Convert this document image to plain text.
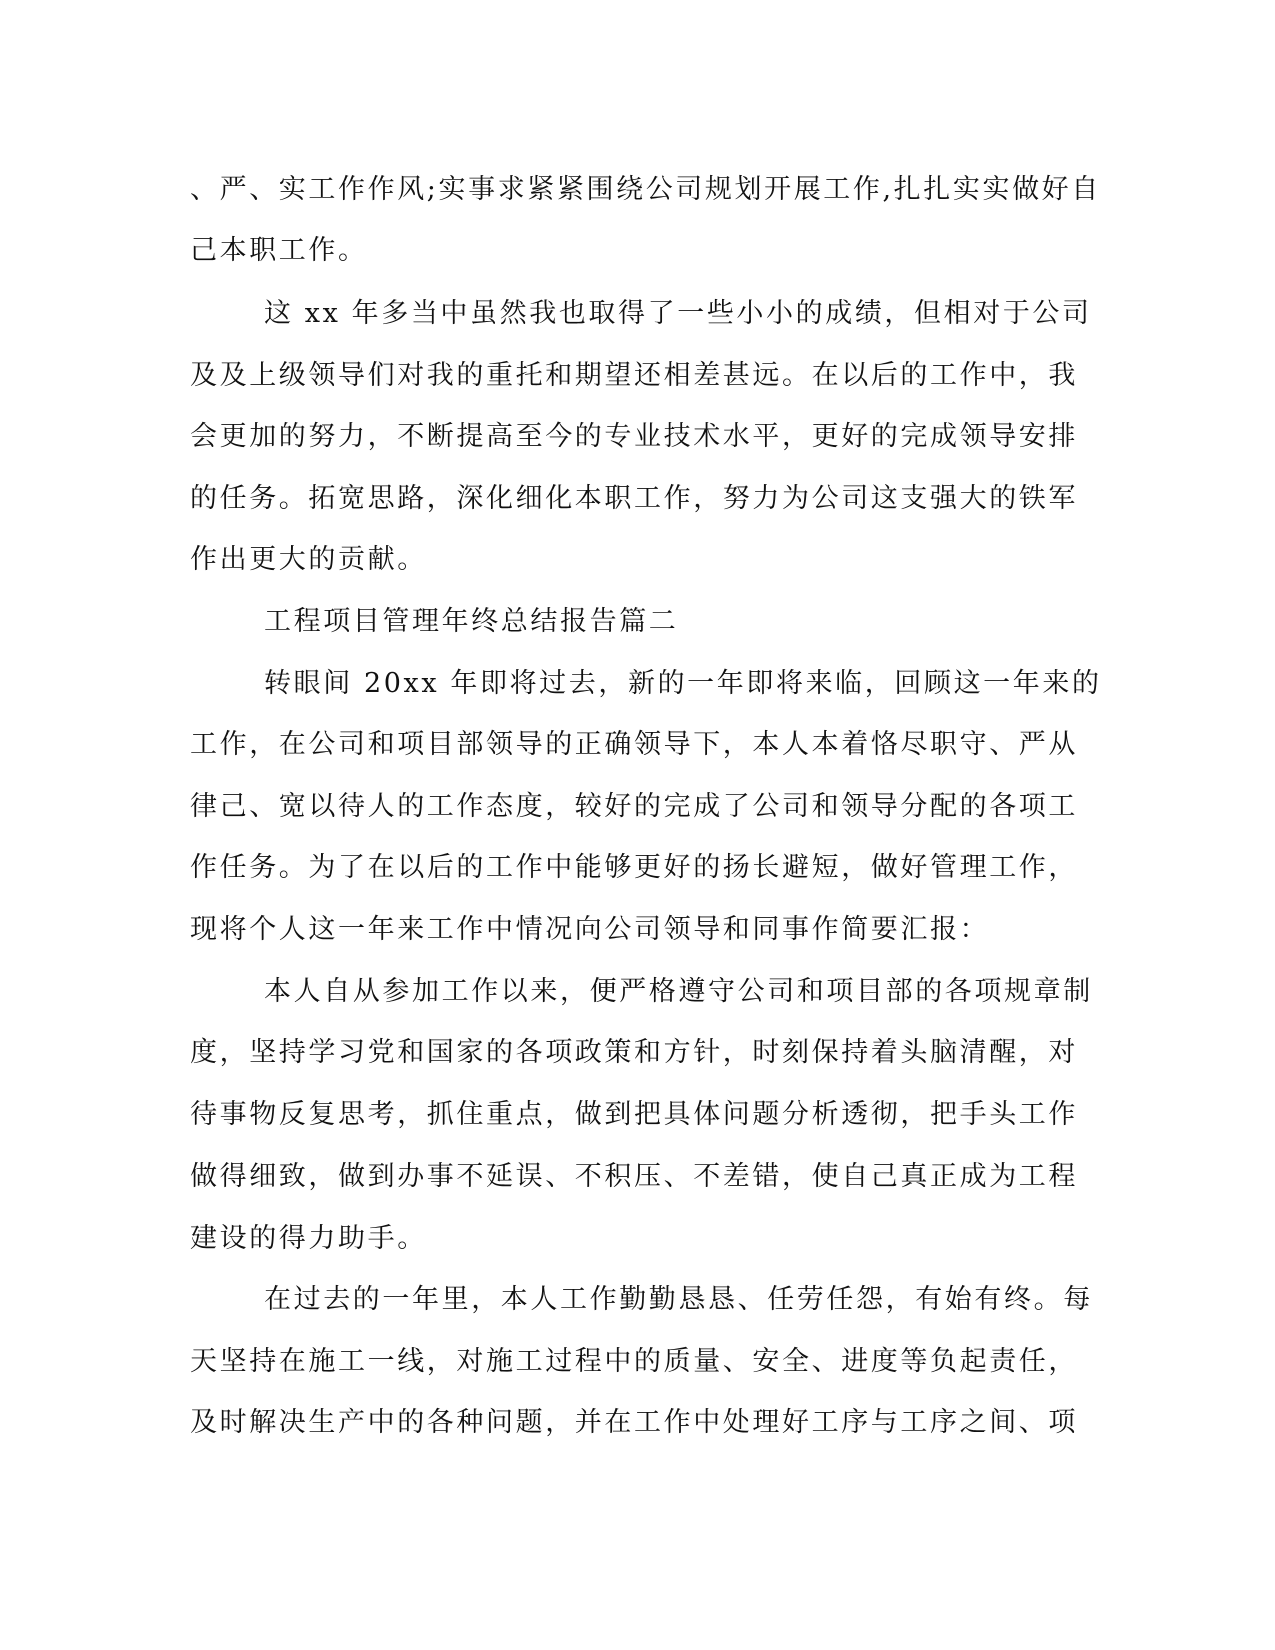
、严、实工作作风;实事求紧紧围绕公司规划开展工作,扎扎实实做好自
己本职工作。
这 xx 年多当中虽然我也取得了一些小小的成绩，但相对于公司
及及上级领导们对我的重托和期望还相差甚远。在以后的工作中，我
会更加的努力，不断提高至今的专业技术水平，更好的完成领导安排
的任务。拓宽思路，深化细化本职工作，努力为公司这支强大的铁军
作出更大的贡献。
工程项目管理年终总结报告篇二
转眼间 20xx 年即将过去，新的一年即将来临，回顾这一年来的
工作，在公司和项目部领导的正确领导下，本人本着恪尽职守、严从
律己、宽以待人的工作态度，较好的完成了公司和领导分配的各项工
作任务。为了在以后的工作中能够更好的扬长避短，做好管理工作，
现将个人这一年来工作中情况向公司领导和同事作简要汇报：
本人自从参加工作以来，便严格遵守公司和项目部的各项规章制
度，坚持学习党和国家的各项政策和方针，时刻保持着头脑清醒，对
待事物反复思考，抓住重点，做到把具体问题分析透彻，把手头工作
做得细致，做到办事不延误、不积压、不差错，使自己真正成为工程
建设的得力助手。
在过去的一年里，本人工作勤勤恳恳、任劳任怨，有始有终。每
天坚持在施工一线，对施工过程中的质量、安全、进度等负起责任，
及时解决生产中的各种问题，并在工作中处理好工序与工序之间、项
